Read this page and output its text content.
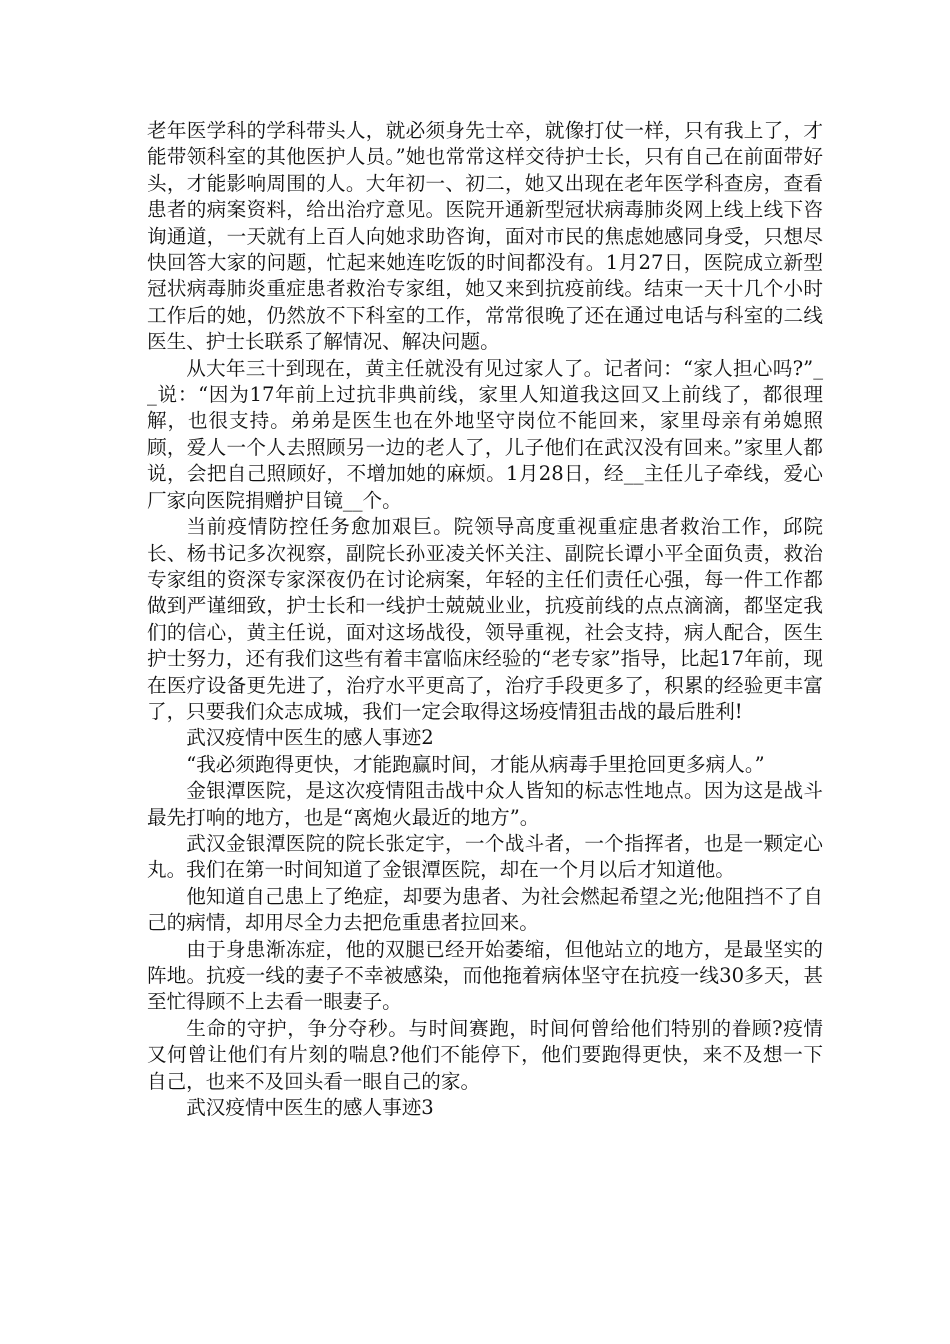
老年医学科的学科带头人，就必须身先士卒，就像打仗一样，只有我上了，才能带领科室的其他医护人员。”她也常常这样交待护士长，只有自己在前面带好头，才能影响周围的人。大年初一、初二，她又出现在老年医学科查房，查看患者的病案资料，给出治疗意见。医院开通新型冠状病毒肺炎网上线上线下咨询通道，一天就有上百人向她求助咨询，面对市民的焦虑她感同身受，只想尽快回答大家的问题，忙起来她连吃饭的时间都没有。1月27日，医院成立新型冠状病毒肺炎重症患者救治专家组，她又来到抗疫前线。结束一天十几个小时工作后的她，仍然放不下科室的工作，常常很晚了还在通过电话与科室的二线医生、护士长联系了解情况、解决问题。

从大年三十到现在，黄主任就没有见过家人了。记者问：“家人担心吗?”__说：“因为17年前上过抗非典前线，家里人知道我这回又上前线了，都很理解，也很支持。弟弟是医生也在外地坚守岗位不能回来，家里母亲有弟媳照顾，爱人一个人去照顾另一边的老人了，儿子他们在武汉没有回来。”家里人都说，会把自己照顾好，不增加她的麻烦。1月28日，经__主任儿子牵线，爱心厂家向医院捐赠护目镜__个。

当前疫情防控任务愈加艰巨。院领导高度重视重症患者救治工作，邱院长、杨书记多次视察，副院长孙亚凌关怀关注、副院长谭小平全面负责，救治专家组的资深专家深夜仍在讨论病案，年轻的主任们责任心强，每一件工作都做到严谨细致，护士长和一线护士兢兢业业，抗疫前线的点点滴滴，都坚定我们的信心，黄主任说，面对这场战役，领导重视，社会支持，病人配合，医生护士努力，还有我们这些有着丰富临床经验的“老专家”指导，比起17年前，现在医疗设备更先进了，治疗水平更高了，治疗手段更多了，积累的经验更丰富了，只要我们众志成城，我们一定会取得这场疫情狙击战的最后胜利!

武汉疫情中医生的感人事迹2

“我必须跑得更快，才能跑赢时间，才能从病毒手里抢回更多病人。”

金银潭医院，是这次疫情阻击战中众人皆知的标志性地点。因为这是战斗最先打响的地方，也是“离炮火最近的地方”。

武汉金银潭医院的院长张定宇，一个战斗者，一个指挥者，也是一颗定心丸。我们在第一时间知道了金银潭医院，却在一个月以后才知道他。

他知道自己患上了绝症，却要为患者、为社会燃起希望之光;他阻挡不了自己的病情，却用尽全力去把危重患者拉回来。

由于身患渐冻症，他的双腿已经开始萎缩，但他站立的地方，是最坚实的阵地。抗疫一线的妻子不幸被感染，而他拖着病体坚守在抗疫一线30多天，甚至忙得顾不上去看一眼妻子。

生命的守护，争分夺秒。与时间赛跑，时间何曾给他们特别的眷顾?疫情又何曾让他们有片刻的喘息?他们不能停下，他们要跑得更快，来不及想一下自己，也来不及回头看一眼自己的家。

武汉疫情中医生的感人事迹3
